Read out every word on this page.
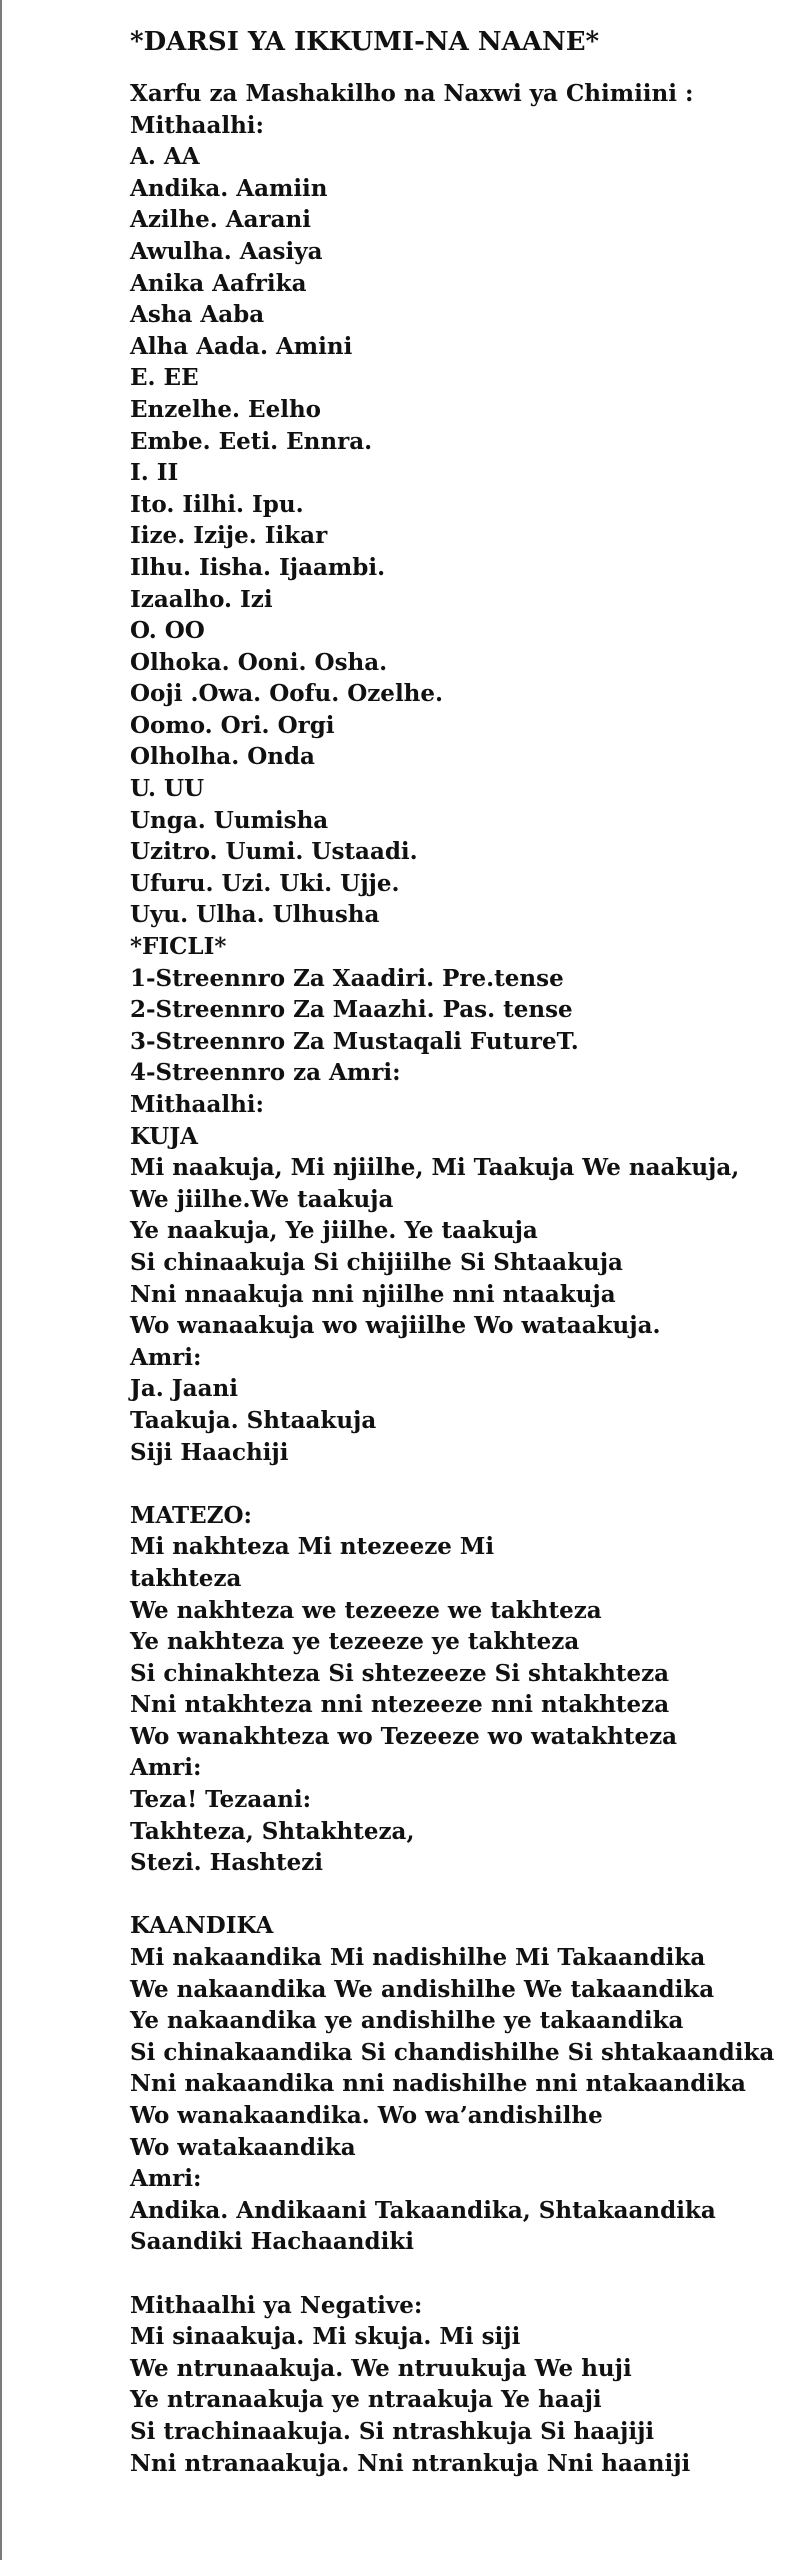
*DARSI YA IKKUMI-NA NAANE*
Xarfu za Mashakilho na Naxwi ya Chimiini :
Mithaalhi:
A. AA
Andika. Aamiin
Azilhe. Aarani
Awulha. Aasiya
Anika Aafrika
Asha Aaba
Alha Aada. Amini
E. EE
Enzelhe. Eelho
Embe. Eeti. Ennra.
I. II
Ito. Iilhi. Ipu.
Iize. Izije. Iikar
Ilhu. Iisha. Ijaambi.
Izaalho. Izi
O. OO
Olhoka. Ooni. Osha.
Ooji .Owa. Oofu. Ozelhe.
Oomo. Ori. Orgi
Olholha. Onda
U. UU
Unga. Uumisha
Uzitro. Uumi. Ustaadi.
Ufuru. Uzi. Uki. Ujje.
Uyu. Ulha. Ulhusha
*FICLI*
1-Streennro Za Xaadiri. Pre.tense
2-Streennro Za Maazhi. Pas. tense
3-Streennro Za Mustaqali FutureT.
4-Streennro za Amri:
Mithaalhi:
KUJA
Mi naakuja, Mi njiilhe, Mi Taakuja We naakuja,
We jiilhe.We taakuja
Ye naakuja, Ye jiilhe. Ye taakuja
Si chinaakuja Si chijiilhe Si Shtaakuja
Nni nnaakuja nni njiilhe nni ntaakuja
Wo wanaakuja wo wajiilhe Wo wataakuja.
Amri:
Ja. Jaani
Taakuja. Shtaakuja
Siji Haachiji
MATEZO:
Mi nakhteza Mi ntezeeze Mi
takhteza
We nakhteza we tezeeze we takhteza
Ye nakhteza ye tezeeze ye takhteza
Si chinakhteza Si shtezeeze Si shtakhteza
Nni ntakhteza nni ntezeeze nni ntakhteza
Wo wanakhteza wo Tezeeze wo watakhteza
Amri:
Teza! Tezaani:
Takhteza, Shtakhteza,
Stezi. Hashtezi
KAANDIKA
Mi nakaandika Mi nadishilhe Mi Takaandika
We nakaandika We andishilhe We takaandika
Ye nakaandika ye andishilhe ye takaandika
Si chinakaandika Si chandishilhe Si shtakaandika
Nni nakaandika nni nadishilhe nni ntakaandika
Wo wanakaandika. Wo wa’andishilhe
Wo watakaandika
Amri:
Andika. Andikaani Takaandika, Shtakaandika
Saandiki Hachaandiki
Mithaalhi ya Negative:
Mi sinaakuja. Mi skuja. Mi siji
We ntrunaakuja. We ntruukuja We huji
Ye ntranaakuja ye ntraakuja Ye haaji
Si trachinaakuja. Si ntrashkuja Si haajiji
Nni ntranaakuja. Nni ntrankuja Nni haaniji
